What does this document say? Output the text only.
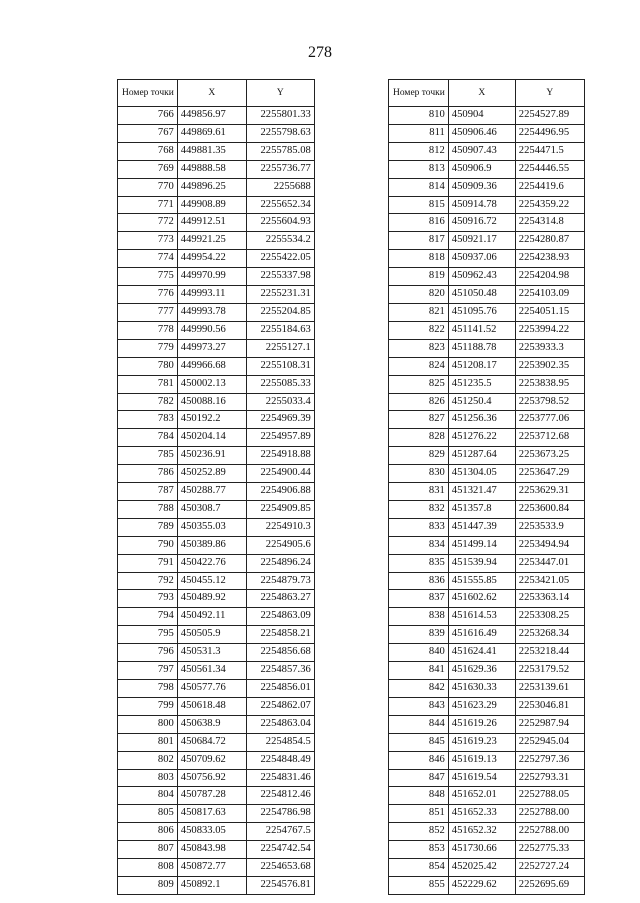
278
Номер точки	X	Y
766	449856.97	2255801.33
767	449869.61	2255798.63
768	449881.35	2255785.08
769	449888.58	2255736.77
770	449896.25	2255688
771	449908.89	2255652.34
772	449912.51	2255604.93
773	449921.25	2255534.2
774	449954.22	2255422.05
775	449970.99	2255337.98
776	449993.11	2255231.31
777	449993.78	2255204.85
778	449990.56	2255184.63
779	449973.27	2255127.1
780	449966.68	2255108.31
781	450002.13	2255085.33
782	450088.16	2255033.4
783	450192.2	2254969.39
784	450204.14	2254957.89
785	450236.91	2254918.88
786	450252.89	2254900.44
787	450288.77	2254906.88
788	450308.7	2254909.85
789	450355.03	2254910.3
790	450389.86	2254905.6
791	450422.76	2254896.24
792	450455.12	2254879.73
793	450489.92	2254863.27
794	450492.11	2254863.09
795	450505.9	2254858.21
796	450531.3	2254856.68
797	450561.34	2254857.36
798	450577.76	2254856.01
799	450618.48	2254862.07
800	450638.9	2254863.04
801	450684.72	2254854.5
802	450709.62	2254848.49
803	450756.92	2254831.46
804	450787.28	2254812.46
805	450817.63	2254786.98
806	450833.05	2254767.5
807	450843.98	2254742.54
808	450872.77	2254653.68
809	450892.1	2254576.81
Номер точки	X	Y
810	450904	2254527.89
811	450906.46	2254496.95
812	450907.43	2254471.5
813	450906.9	2254446.55
814	450909.36	2254419.6
815	450914.78	2254359.22
816	450916.72	2254314.8
817	450921.17	2254280.87
818	450937.06	2254238.93
819	450962.43	2254204.98
820	451050.48	2254103.09
821	451095.76	2254051.15
822	451141.52	2253994.22
823	451188.78	2253933.3
824	451208.17	2253902.35
825	451235.5	2253838.95
826	451250.4	2253798.52
827	451256.36	2253777.06
828	451276.22	2253712.68
829	451287.64	2253673.25
830	451304.05	2253647.29
831	451321.47	2253629.31
832	451357.8	2253600.84
833	451447.39	2253533.9
834	451499.14	2253494.94
835	451539.94	2253447.01
836	451555.85	2253421.05
837	451602.62	2253363.14
838	451614.53	2253308.25
839	451616.49	2253268.34
840	451624.41	2253218.44
841	451629.36	2253179.52
842	451630.33	2253139.61
843	451623.29	2253046.81
844	451619.26	2252987.94
845	451619.23	2252945.04
846	451619.13	2252797.36
847	451619.54	2252793.31
848	451652.01	2252788.05
851	451652.33	2252788.00
852	451652.32	2252788.00
853	451730.66	2252775.33
854	452025.42	2252727.24
855	452229.62	2252695.69
